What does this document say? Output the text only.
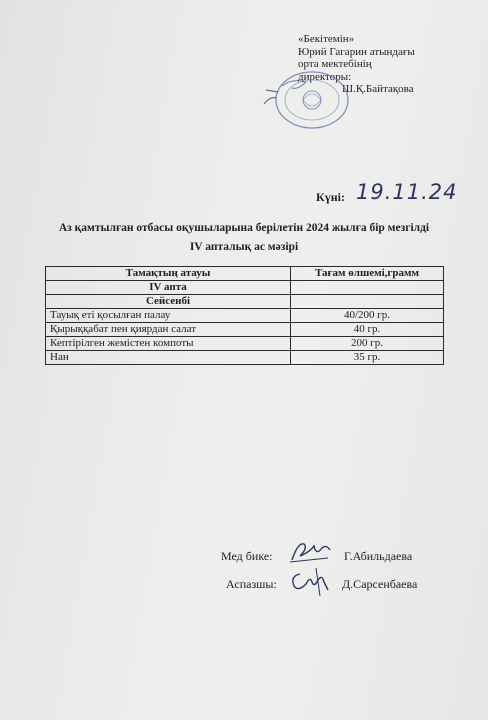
«Бекітемін»
Юрий Гагарин атындағы
орта мектебінің
директоры:
Ш.Қ.Байтақова
Күні: 19.11.24
Аз қамтылған отбасы оқушыларына берілетін 2024 жылға бір мезгілді
IV апталық ас мәзірі
Тамақтың атауы	Тағам өлшемі,грамм
IV апта	
Сейсенбі	
Тауық еті қосылған палау	40/200 гр.
Қырыққабат пен қиярдан салат	40 гр.
Кептірілген жемістен компоты	200 гр.
Нан	35 гр.
Мед бике:	Г.Абильдаева
Аспазшы:	Д.Сарсенбаева
